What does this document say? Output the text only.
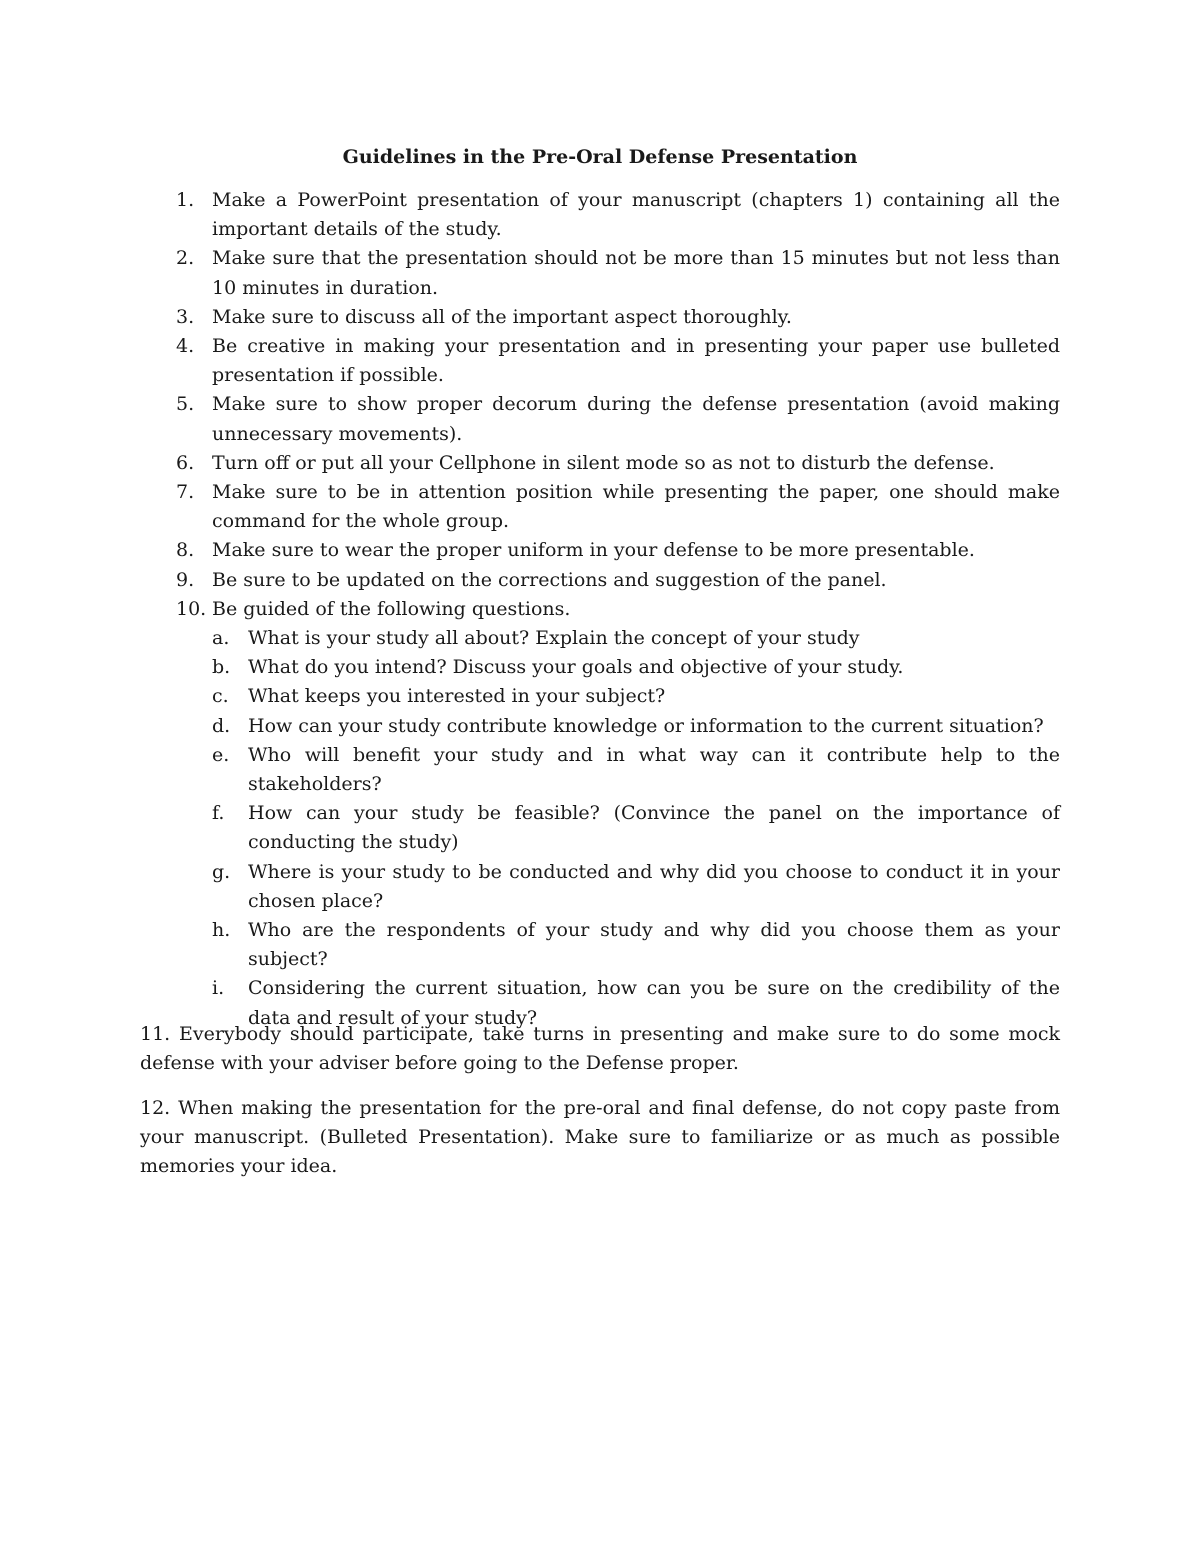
Guidelines in the Pre-Oral Defense Presentation
1. Make a PowerPoint presentation of your manuscript (chapters 1) containing all the important details of the study.
2. Make sure that the presentation should not be more than 15 minutes but not less than 10 minutes in duration.
3. Make sure to discuss all of the important aspect thoroughly.
4. Be creative in making your presentation and in presenting your paper use bulleted presentation if possible.
5. Make sure to show proper decorum during the defense presentation (avoid making unnecessary movements).
6. Turn off or put all your Cellphone in silent mode so as not to disturb the defense.
7. Make sure to be in attention position while presenting the paper, one should make command for the whole group.
8. Make sure to wear the proper uniform in your defense to be more presentable.
9. Be sure to be updated on the corrections and suggestion of the panel.
10. Be guided of the following questions.
a. What is your study all about? Explain the concept of your study
b. What do you intend? Discuss your goals and objective of your study.
c.	What keeps you interested in your subject?
d. How can your study contribute knowledge or information to the current situation?
e. Who will benefit your study and in what way can it contribute help to the stakeholders?
f.	How can your study be feasible? (Convince the panel on the importance of conducting the study)
g. Where is your study to be conducted and why did you choose to conduct it in your chosen place?
h. Who are the respondents of your study and why did you choose them as your subject?
i.	Considering the current situation, how can you be sure on the credibility of the data and result of your study?

11. Everybody should participate, take turns in presenting and make sure to do some mock defense with your adviser before going to the Defense proper.

12. When making the presentation for the pre-oral and final defense, do not copy paste from your manuscript. (Bulleted Presentation). Make sure to familiarize or as much as possible memories your idea.
